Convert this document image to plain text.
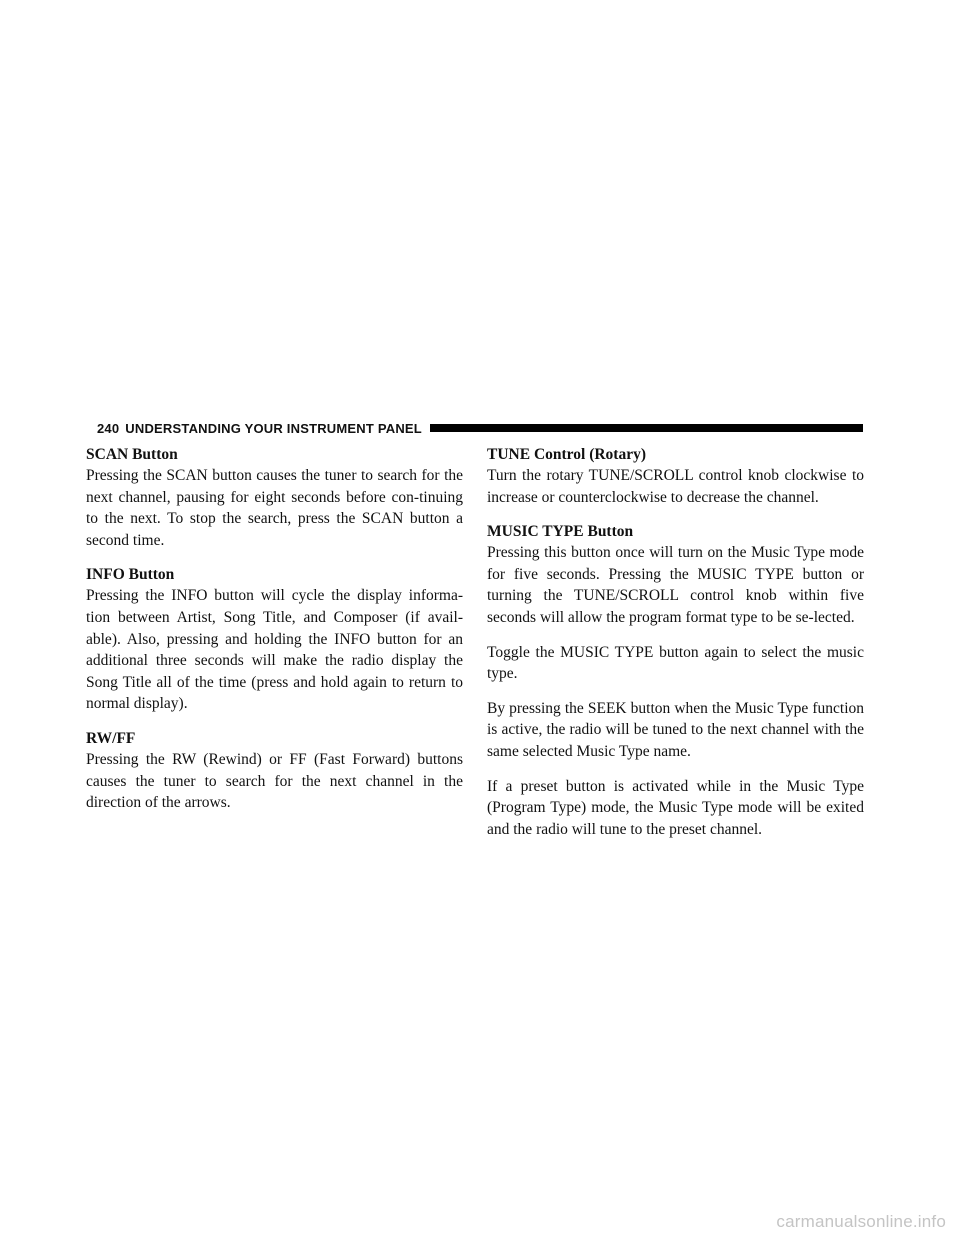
240 UNDERSTANDING YOUR INSTRUMENT PANEL
SCAN Button

Pressing the SCAN button causes the tuner to search for the next channel, pausing for eight seconds before con-tinuing to the next. To stop the search, press the SCAN button a second time.

INFO Button

Pressing the INFO button will cycle the display informa-tion between Artist, Song Title, and Composer (if avail-able). Also, pressing and holding the INFO button for an additional three seconds will make the radio display the Song Title all of the time (press and hold again to return to normal display).

RW/FF

Pressing the RW (Rewind) or FF (Fast Forward) buttons causes the tuner to search for the next channel in the direction of the arrows.

TUNE Control (Rotary)

Turn the rotary TUNE/SCROLL control knob clockwise to increase or counterclockwise to decrease the channel.

MUSIC TYPE Button

Pressing this button once will turn on the Music Type mode for five seconds. Pressing the MUSIC TYPE button or turning the TUNE/SCROLL control knob within five seconds will allow the program format type to be se-lected.

Toggle the MUSIC TYPE button again to select the music type.

By pressing the SEEK button when the Music Type function is active, the radio will be tuned to the next channel with the same selected Music Type name.

If a preset button is activated while in the Music Type (Program Type) mode, the Music Type mode will be exited and the radio will tune to the preset channel.

carmanualsonline.info
